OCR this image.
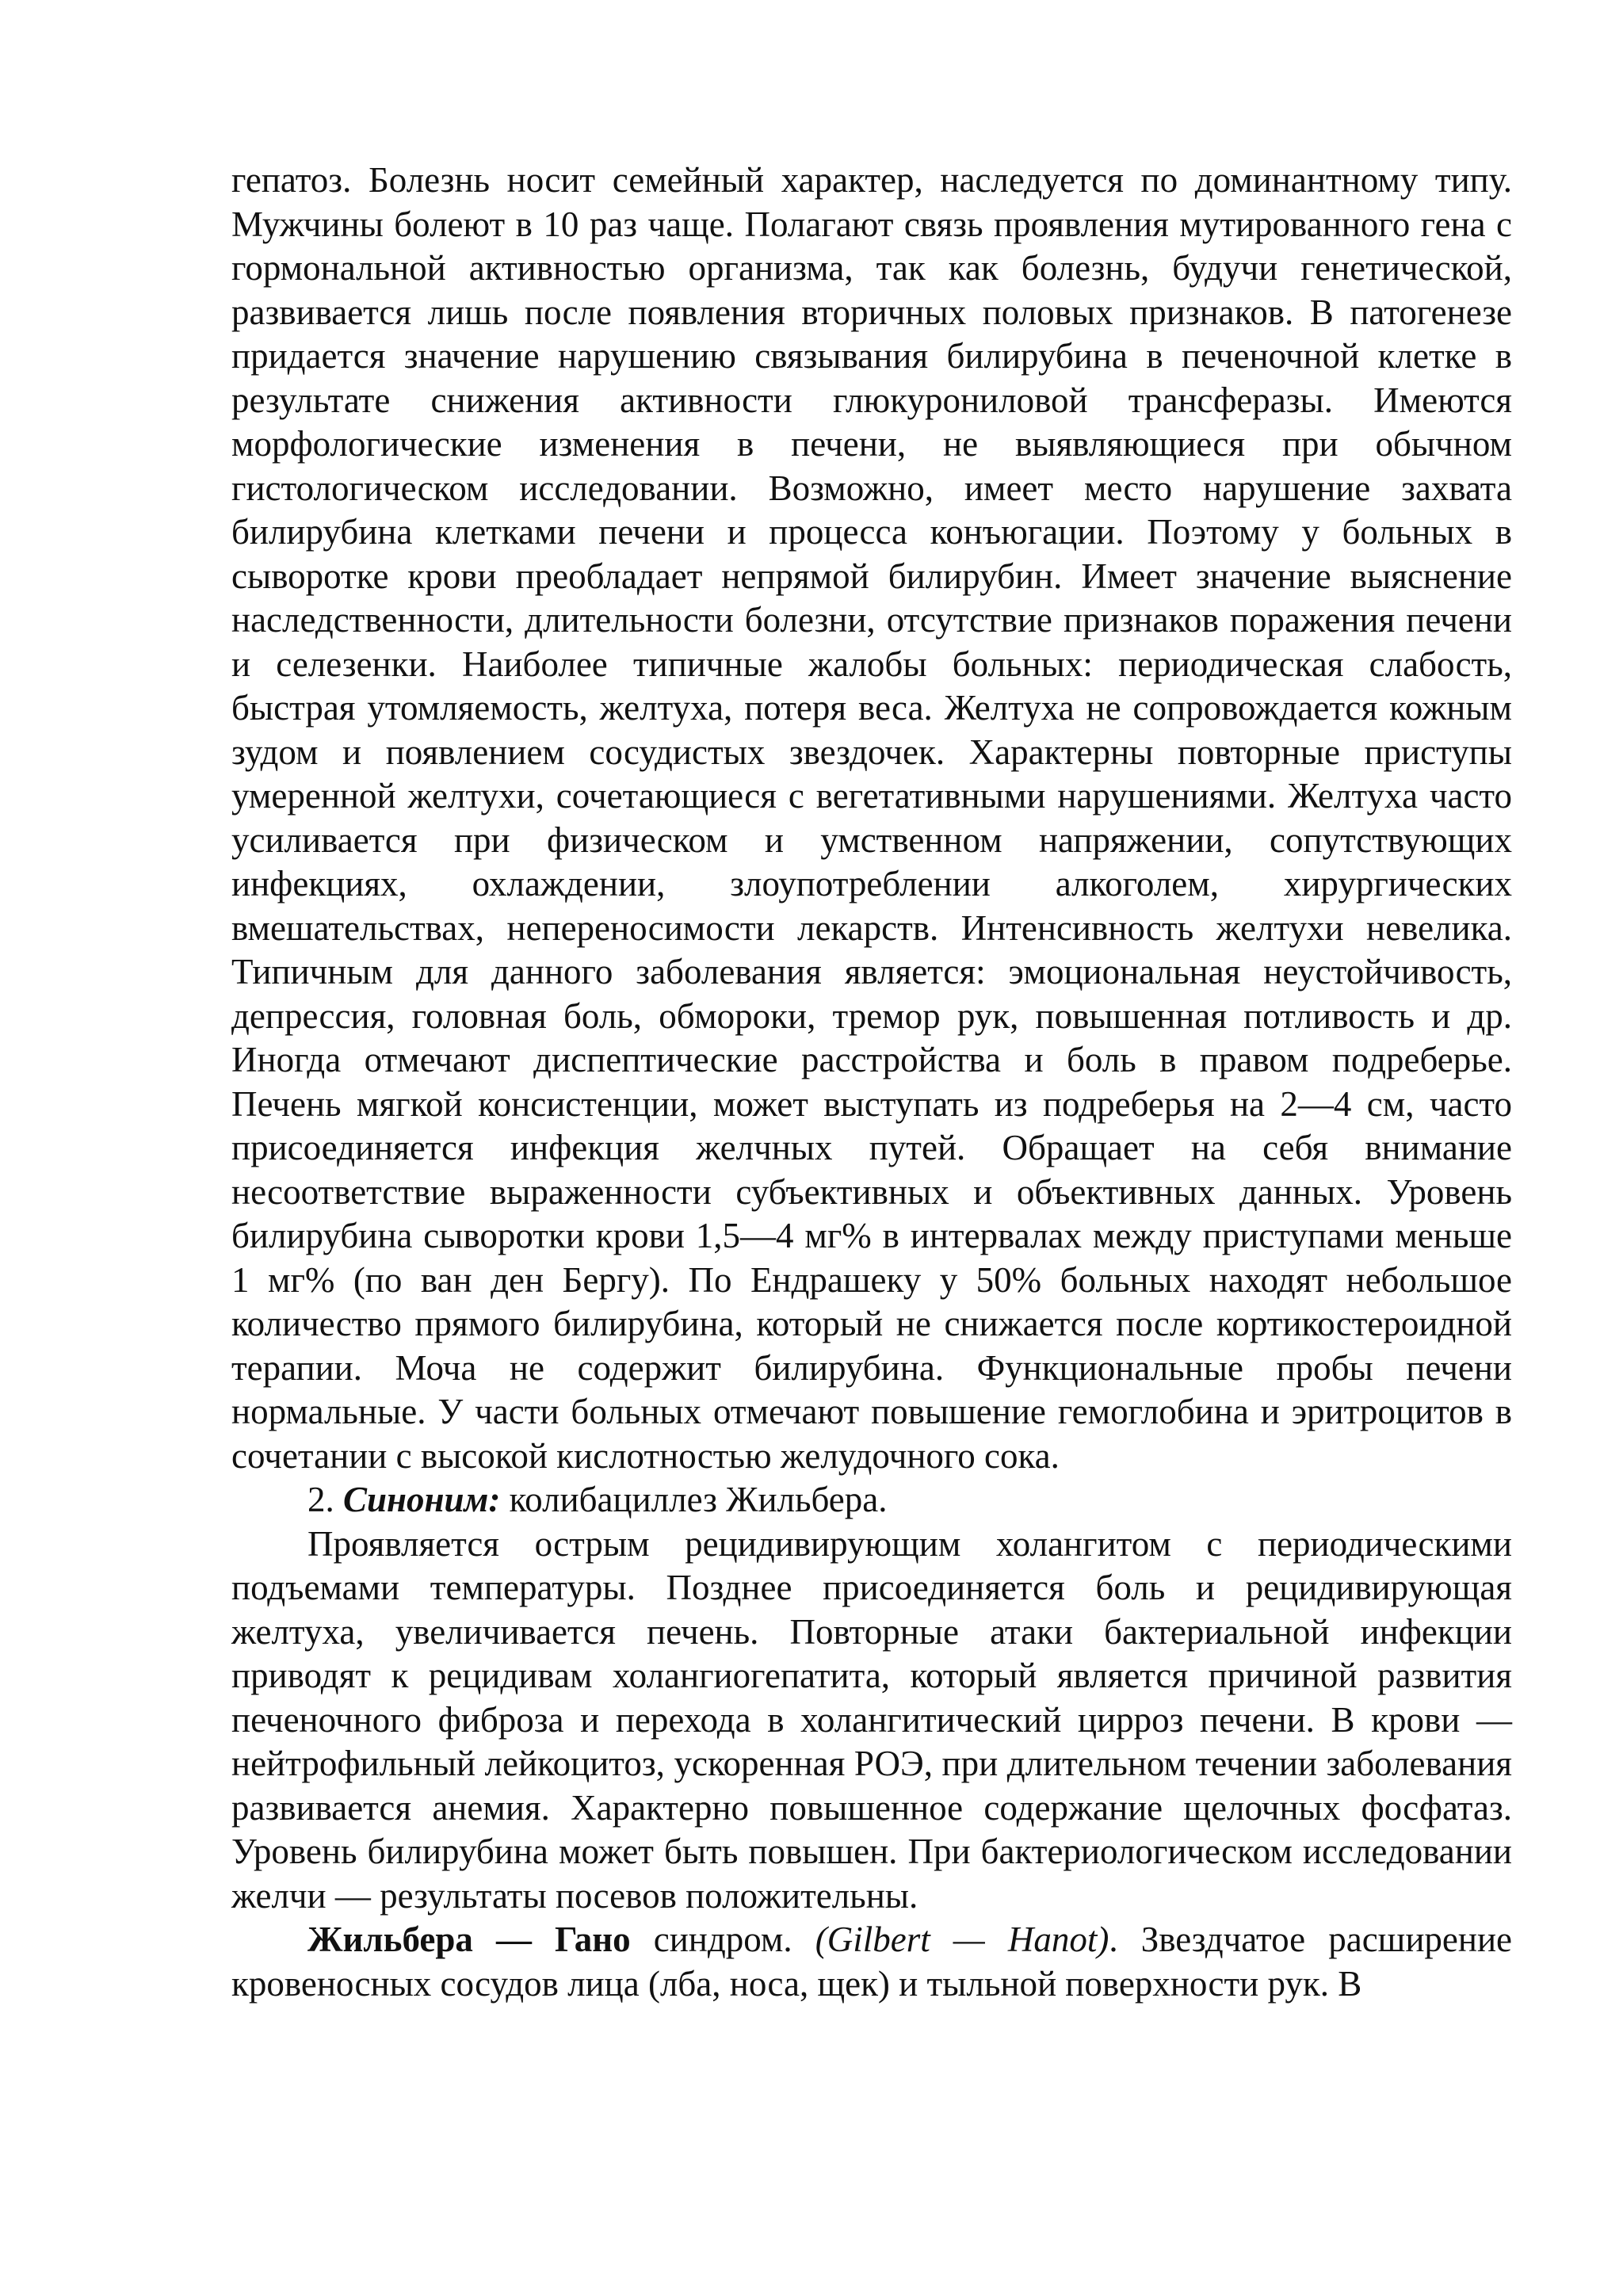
гепатоз. Болезнь носит семейный характер, наследуется по доминантному типу. Мужчины болеют в 10 раз чаще. Полагают связь проявления мутированного гена с гормональной активностью организма, так как болезнь, будучи генетической, развивается лишь после появления вторичных половых признаков. В патогенезе придается значение нарушению связывания билирубина в печеночной клетке в результате снижения активности глюкурониловой трансферазы. Имеются морфологические изменения в печени, не выявляющиеся при обычном гистологическом исследовании. Возможно, имеет место нарушение захвата билирубина клетками печени и процесса конъюгации. Поэтому у больных в сыворотке крови преобладает непрямой билирубин. Имеет значение выяснение наследственности, длительности болезни, отсутствие признаков поражения печени и селезенки. Наиболее типичные жалобы больных: периодическая слабость, быстрая утомляемость, желтуха, потеря веса. Желтуха не сопровождается кожным зудом и появлением сосудистых звездочек. Характерны повторные приступы умеренной желтухи, сочетающиеся с вегетативными нарушениями. Желтуха часто усиливается при физическом и умственном напряжении, сопутствующих инфекциях, охлаждении, злоупотреблении алкоголем, хирургических вмешательствах, непереносимости лекарств. Интенсивность желтухи невелика. Типичным для данного заболевания является: эмоциональная неустойчивость, депрессия, головная боль, обмороки, тремор рук, повышенная потливость и др. Иногда отмечают диспептические расстройства и боль в правом подреберье. Печень мягкой консистенции, может выступать из подреберья на 2—4 см, часто присоединяется инфекция желчных путей. Обращает на себя внимание несоответствие выраженности субъективных и объективных данных. Уровень билирубина сыворотки крови 1,5—4 мг% в интервалах между приступами меньше 1 мг% (по ван ден Бергу). По Ендрашеку у 50% больных находят небольшое количество прямого билирубина, который не снижается после кортикостероидной терапии. Моча не содержит билирубина. Функциональные пробы печени нормальные. У части больных отмечают повышение гемоглобина и эритроцитов в сочетании с высокой кислотностью желудочного сока.

2. Синоним: колибациллез Жильбера.

Проявляется острым рецидивирующим холангитом с периодическими подъемами температуры. Позднее присоединяется боль и рецидивирующая желтуха, увеличивается печень. Повторные атаки бактериальной инфекции приводят к рецидивам холангиогепатита, который является причиной развития печеночного фиброза и перехода в холангитический цирроз печени. В крови — нейтрофильный лейкоцитоз, ускоренная РОЭ, при длительном течении заболевания развивается анемия. Характерно повышенное содержание щелочных фосфатаз. Уровень билирубина может быть повышен. При бактериологическом исследовании желчи — результаты посевов положительны.

Жильбера — Гано синдром. (Gilbert — Hanot). Звездчатое расширение кровеносных сосудов лица (лба, носа, щек) и тыльной поверхности рук. В
